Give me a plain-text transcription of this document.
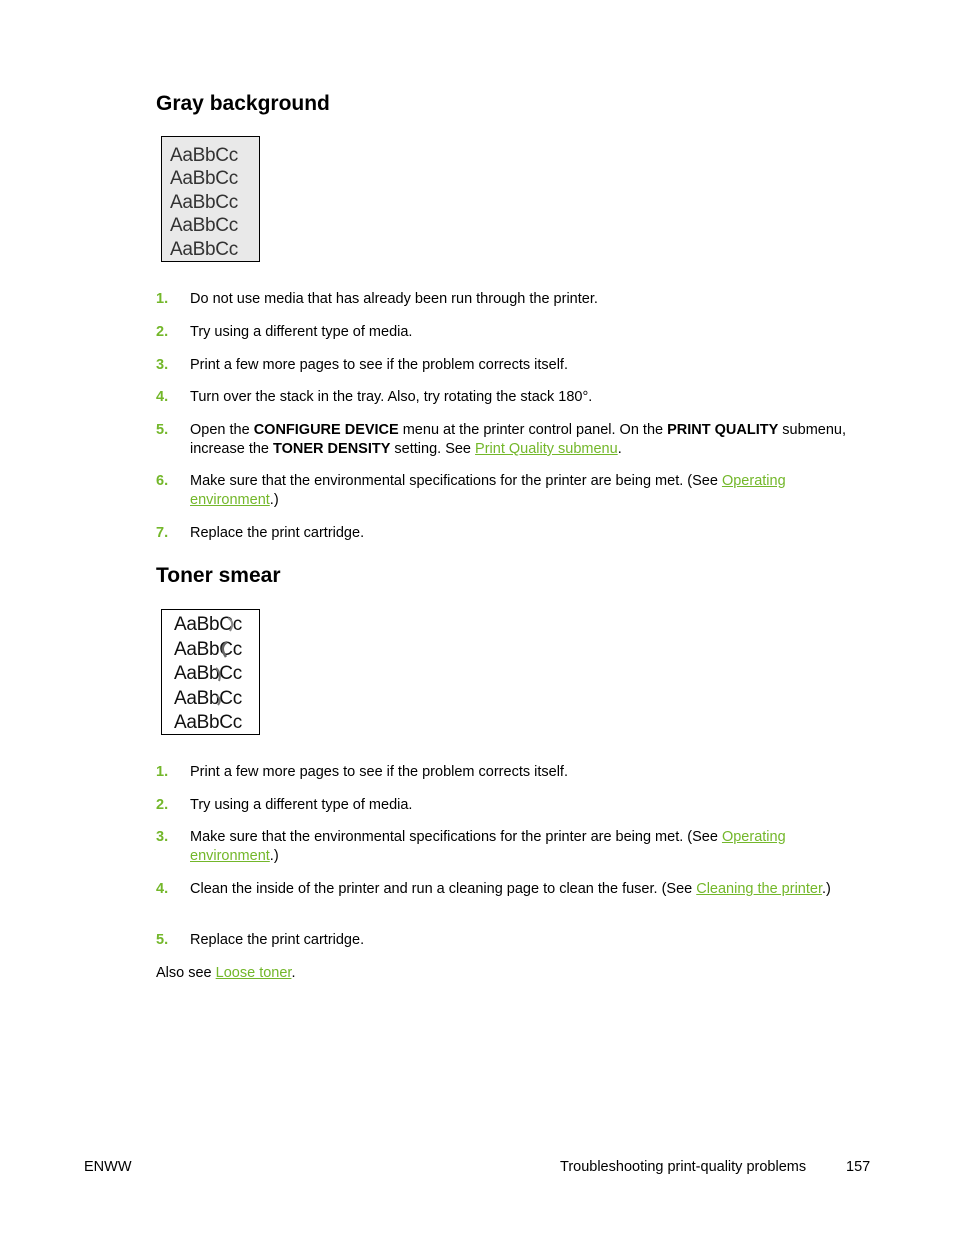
Gray background
AaBbCc
AaBbCc
AaBbCc
AaBbCc
AaBbCc
1. Do not use media that has already been run through the printer.
2. Try using a different type of media.
3. Print a few more pages to see if the problem corrects itself.
4. Turn over the stack in the tray. Also, try rotating the stack 180°.
5. Open the CONFIGURE DEVICE menu at the printer control panel. On the PRINT QUALITY submenu, increase the TONER DENSITY setting. See Print Quality submenu.
6. Make sure that the environmental specifications for the printer are being met. (See Operating environment.)
7. Replace the print cartridge.
Toner smear
AaBbCc
AaBbCc
AaBbCc
AaBbCc
AaBbCc
1. Print a few more pages to see if the problem corrects itself.
2. Try using a different type of media.
3. Make sure that the environmental specifications for the printer are being met. (See Operating environment.)
4. Clean the inside of the printer and run a cleaning page to clean the fuser. (See Cleaning the printer.)
5. Replace the print cartridge.
Also see Loose toner.
ENWW	Troubleshooting print-quality problems	157
